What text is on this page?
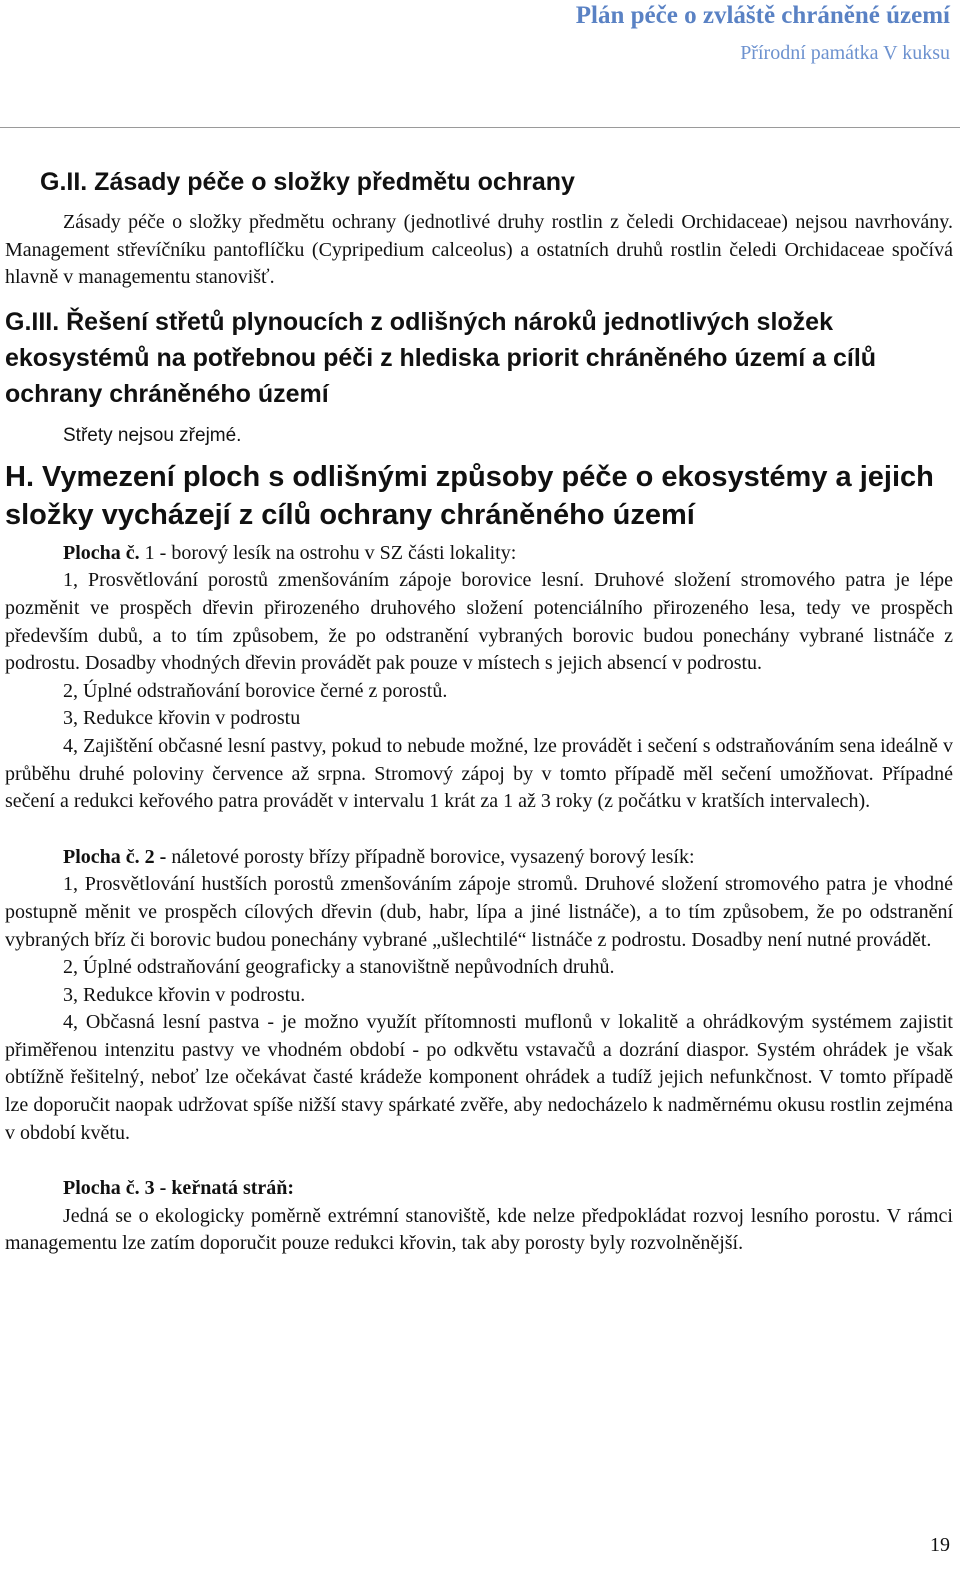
Plán péče o zvláště chráněné území
Přírodní památka V kuksu
G.II. Zásady péče o složky předmětu ochrany

Zásady péče o složky předmětu ochrany (jednotlivé druhy rostlin z čeledi Orchidaceae) nejsou navrhovány. Management střevíčníku pantoflíčku (Cypripedium calceolus) a ostatních druhů rostlin čeledi Orchidaceae spočívá hlavně v managementu stanovišť.

G.III. Řešení střetů plynoucích z odlišných nároků jednotlivých složek ekosystémů na potřebnou péči z hlediska priorit chráněného území a cílů ochrany chráněného území

Střety nejsou zřejmé.

H. Vymezení ploch s odlišnými způsoby péče o ekosystémy a jejich složky vycházejí z cílů ochrany chráněného území

Plocha č. 1 - borový lesík na ostrohu v SZ části lokality:

1, Prosvětlování porostů zmenšováním zápoje borovice lesní. Druhové složení stromového patra je lépe pozměnit ve prospěch dřevin přirozeného druhového složení potenciálního přirozeného lesa, tedy ve prospěch především dubů, a to tím způsobem, že po odstranění vybraných borovic budou ponechány vybrané listnáče z podrostu. Dosadby vhodných dřevin provádět pak pouze v místech s jejich absencí v podrostu.

2, Úplné odstraňování borovice černé z porostů.

3, Redukce křovin v podrostu

4, Zajištění občasné lesní pastvy, pokud to nebude možné, lze provádět i sečení s odstraňováním sena ideálně v průběhu druhé poloviny července až srpna. Stromový zápoj by v tomto případě měl sečení umožňovat. Případné sečení a redukci keřového patra provádět v intervalu 1 krát za 1 až 3 roky (z počátku v kratších intervalech).

Plocha č. 2 - náletové porosty břízy případně borovice, vysazený borový lesík:

1, Prosvětlování hustších porostů zmenšováním zápoje stromů. Druhové složení stromového patra je vhodné postupně měnit ve prospěch cílových dřevin (dub, habr, lípa a jiné listnáče), a to tím způsobem, že po odstranění vybraných bříz či borovic budou ponechány vybrané „ušlechtilé“ listnáče z podrostu. Dosadby není nutné provádět.

2, Úplné odstraňování geograficky a stanovištně nepůvodních druhů.

3, Redukce křovin v podrostu.

4, Občasná lesní pastva - je možno využít přítomnosti muflonů v lokalitě a ohrádkovým systémem zajistit přiměřenou intenzitu pastvy ve vhodném období - po odkvětu vstavačů a dozrání diaspor. Systém ohrádek je však obtížně řešitelný, neboť lze očekávat časté krádeže komponent ohrádek a tudíž jejich nefunkčnost. V tomto případě lze doporučit naopak udržovat spíše nižší stavy spárkaté zvěře, aby nedocházelo k nadměrnému okusu rostlin zejména v období květu.

Plocha č. 3 - keřnatá stráň:

Jedná se o ekologicky poměrně extrémní stanoviště, kde nelze předpokládat rozvoj lesního porostu. V rámci managementu lze zatím doporučit pouze redukci křovin, tak aby porosty byly rozvolněnější.

19
